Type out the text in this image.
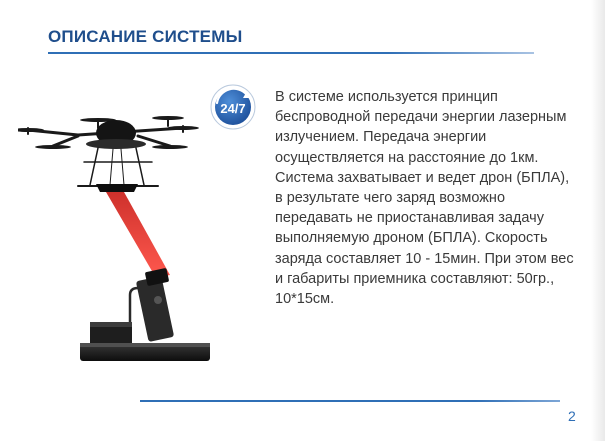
ОПИСАНИЕ СИСТЕМЫ
24/7
В системе используется принцип беспроводной передачи энергии лазерным излучением. Передача энергии осуществляется на расстояние до 1км. Система захватывает и ведет дрон (БПЛА), в результате чего заряд возможно передавать не приостанавливая задачу выполняемую дроном (БПЛА). Скорость заряда составляет 10 - 15мин. При этом вес и габариты приемника составляют: 50гр., 10*15см.
2
